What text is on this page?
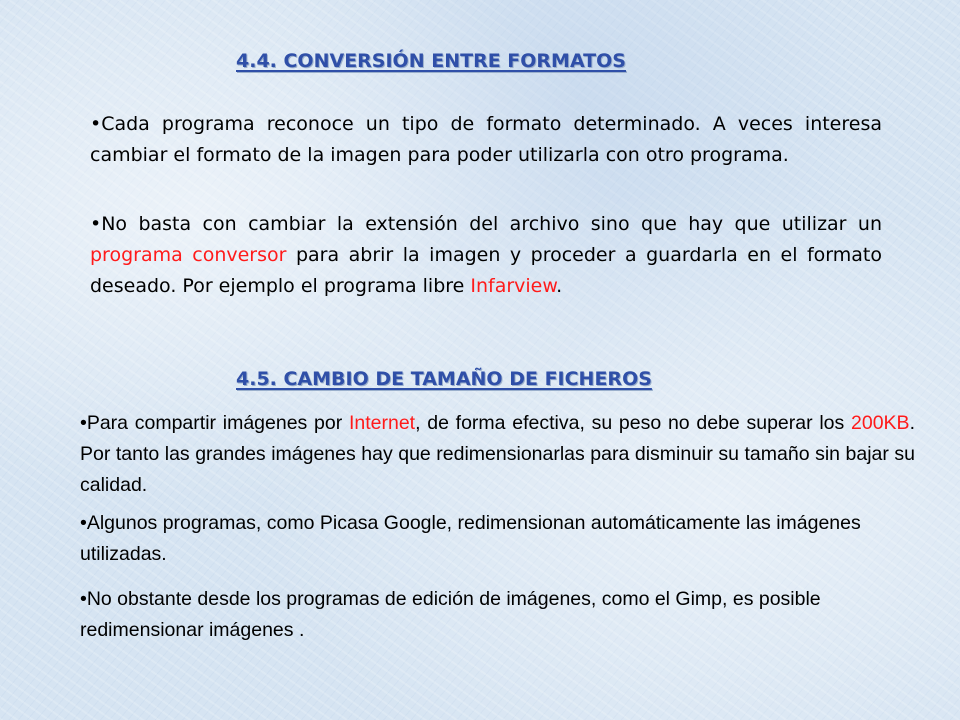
4.4. CONVERSIÓN ENTRE FORMATOS

•Cada programa reconoce un tipo de formato determinado. A veces interesa cambiar el formato de la imagen para poder utilizarla con otro programa.

•No basta con cambiar la extensión del archivo sino que hay que utilizar un programa conversor para abrir la imagen y proceder a guardarla en el formato deseado. Por ejemplo el programa libre Infarview.

4.5. CAMBIO DE TAMAÑO DE FICHEROS

•Para compartir imágenes por Internet, de forma efectiva, su peso no debe superar los 200KB. Por tanto las grandes imágenes hay que redimensionarlas para disminuir su tamaño sin bajar su calidad.

•Algunos programas, como Picasa Google, redimensionan automáticamente las imágenes utilizadas.

•No obstante desde los programas de edición de imágenes, como el Gimp, es posible redimensionar imágenes .
